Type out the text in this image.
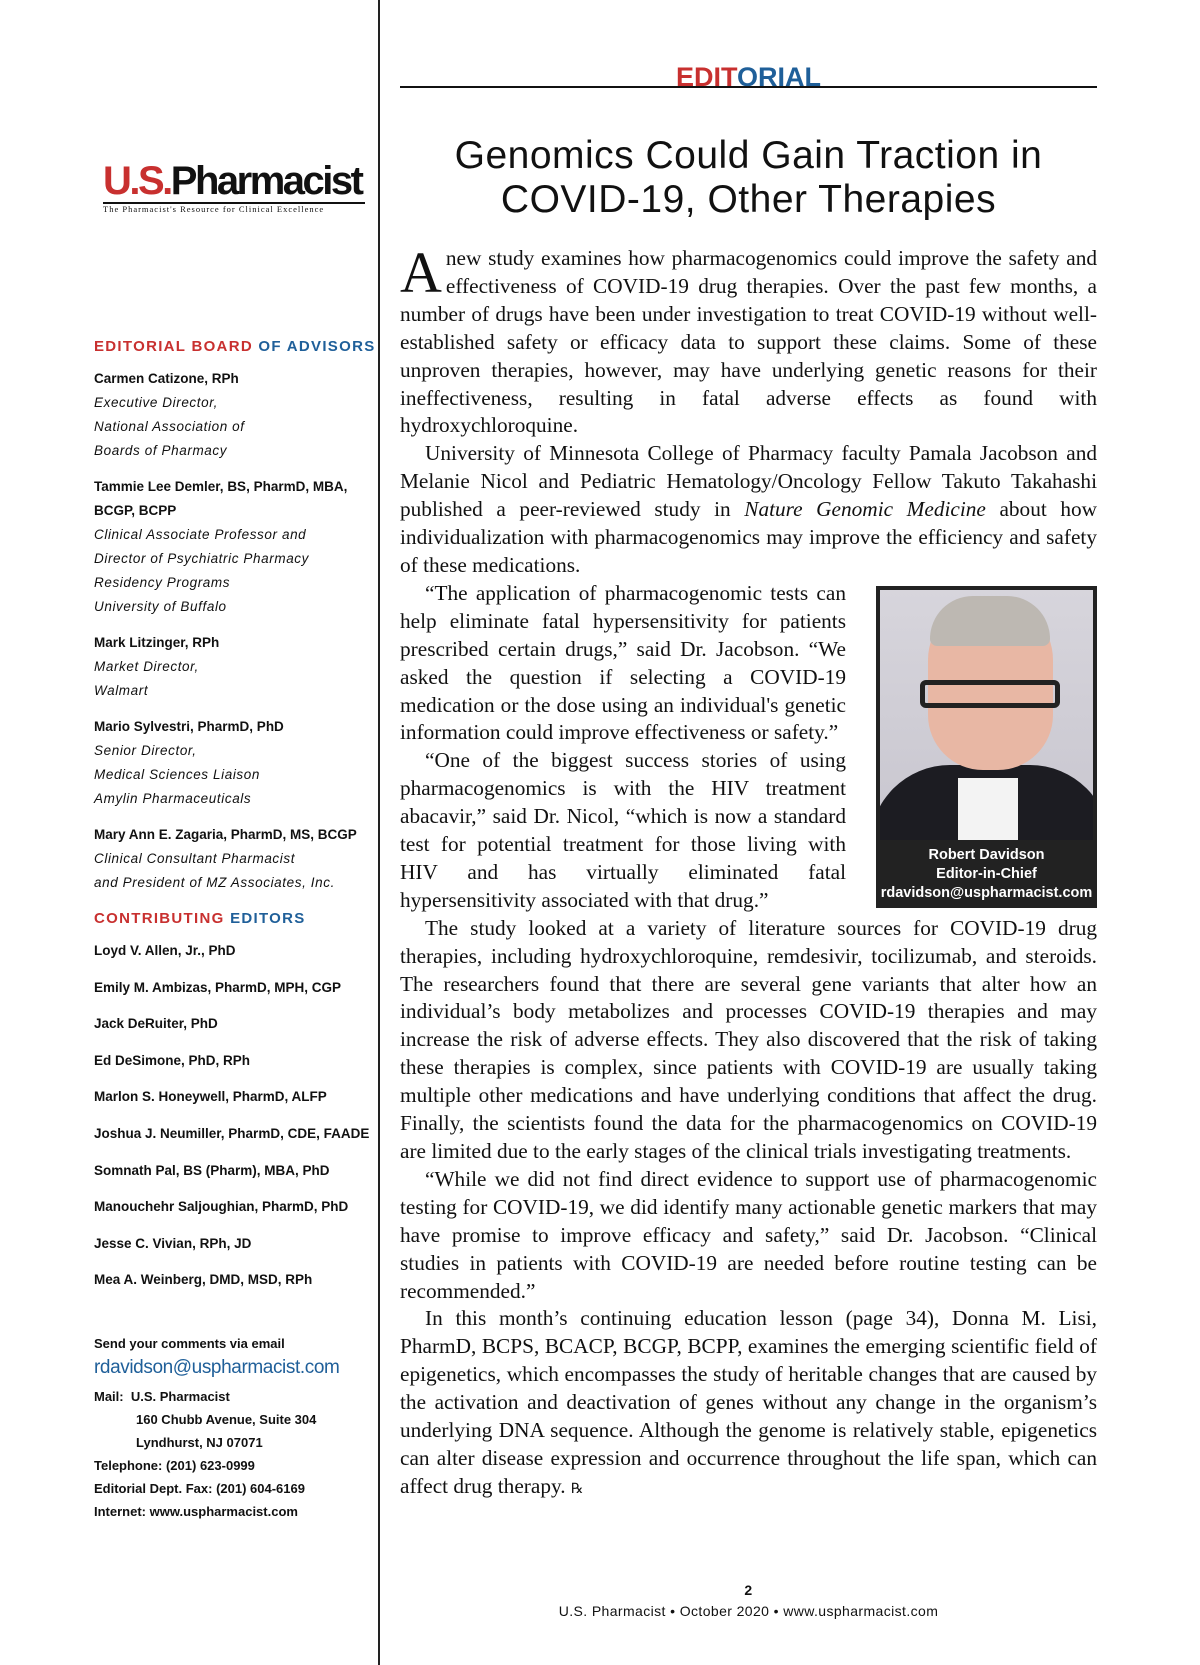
U.S.Pharmacist
The Pharmacist's Resource for Clinical Excellence
EDITORIAL BOARD OF ADVISORS
Carmen Catizone, RPh
Executive Director,
National Association of
Boards of Pharmacy
Tammie Lee Demler, BS, PharmD, MBA, BCGP, BCPP
Clinical Associate Professor and
Director of Psychiatric Pharmacy
Residency Programs
University of Buffalo
Mark Litzinger, RPh
Market Director,
Walmart
Mario Sylvestri, PharmD, PhD
Senior Director,
Medical Sciences Liaison
Amylin Pharmaceuticals
Mary Ann E. Zagaria, PharmD, MS, BCGP
Clinical Consultant Pharmacist
and President of MZ Associates, Inc.
CONTRIBUTING EDITORS
Loyd V. Allen, Jr., PhD
Emily M. Ambizas, PharmD, MPH, CGP
Jack DeRuiter, PhD
Ed DeSimone, PhD, RPh
Marlon S. Honeywell, PharmD, ALFP
Joshua J. Neumiller, PharmD, CDE, FAADE
Somnath Pal, BS (Pharm), MBA, PhD
Manouchehr Saljoughian, PharmD, PhD
Jesse C. Vivian, RPh, JD
Mea A. Weinberg, DMD, MSD, RPh
Send your comments via email
rdavidson@uspharmacist.com
Mail: U.S. Pharmacist
160 Chubb Avenue, Suite 304
Lyndhurst, NJ 07071
Telephone: (201) 623-0999
Editorial Dept. Fax: (201) 604-6169
Internet: www.uspharmacist.com
EDITORIAL
Genomics Could Gain Traction in
COVID-19, Other Therapies

Anew study examines how pharmacogenomics could improve the safety and effectiveness of COVID-19 drug therapies. Over the past few months, a number of drugs have been under investigation to treat COVID-19 without well-established safety or efficacy data to support these claims. Some of these unproven therapies, however, may have underlying genetic reasons for their ineffectiveness, resulting in fatal adverse effects as found with hydroxychloroquine.

University of Minnesota College of Pharmacy faculty Pamala Jacobson and Melanie Nicol and Pediatric Hematology/Oncology Fellow Takuto Takahashi published a peer-reviewed study in Nature Genomic Medicine about how individualization with pharmacogenomics may improve the efficiency and safety of these medications.

Robert Davidson
Editor-in-Chief
rdavidson@uspharmacist.com

“The application of pharmacogenomic tests can help eliminate fatal hypersensitivity for patients prescribed certain drugs,” said Dr. Jacobson. “We asked the question if selecting a COVID-19 medication or the dose using an individual's genetic information could improve effectiveness or safety.”

“One of the biggest success stories of using pharmacogenomics is with the HIV treatment abacavir,” said Dr. Nicol, “which is now a standard test for potential treatment for those living with HIV and has virtually eliminated fatal hypersensitivity associated with that drug.”

The study looked at a variety of literature sources for COVID-19 drug therapies, including hydroxychloroquine, remdesivir, tocilizumab, and steroids. The researchers found that there are several gene variants that alter how an individual’s body metabolizes and processes COVID-19 therapies and may increase the risk of adverse effects. They also discovered that the risk of taking these therapies is complex, since patients with COVID-19 are usually taking multiple other medications and have underlying conditions that affect the drug. Finally, the scientists found the data for the pharmacogenomics on COVID-19 are limited due to the early stages of the clinical trials investigating treatments.

“While we did not find direct evidence to support use of pharmacogenomic testing for COVID-19, we did identify many actionable genetic markers that may have promise to improve efficacy and safety,” said Dr. Jacobson. “Clinical studies in patients with COVID-19 are needed before routine testing can be recommended.”

In this month’s continuing education lesson (page 34), Donna M. Lisi, PharmD, BCPS, BCACP, BCGP, BCPP, examines the emerging scientific field of epigenetics, which encompasses the study of heritable changes that are caused by the activation and deactivation of genes without any change in the organism’s underlying DNA sequence. Although the genome is relatively stable, epigenetics can alter disease expression and occurrence throughout the life span, which can affect drug therapy. ℞

2
U.S. Pharmacist • October 2020 • www.uspharmacist.com
